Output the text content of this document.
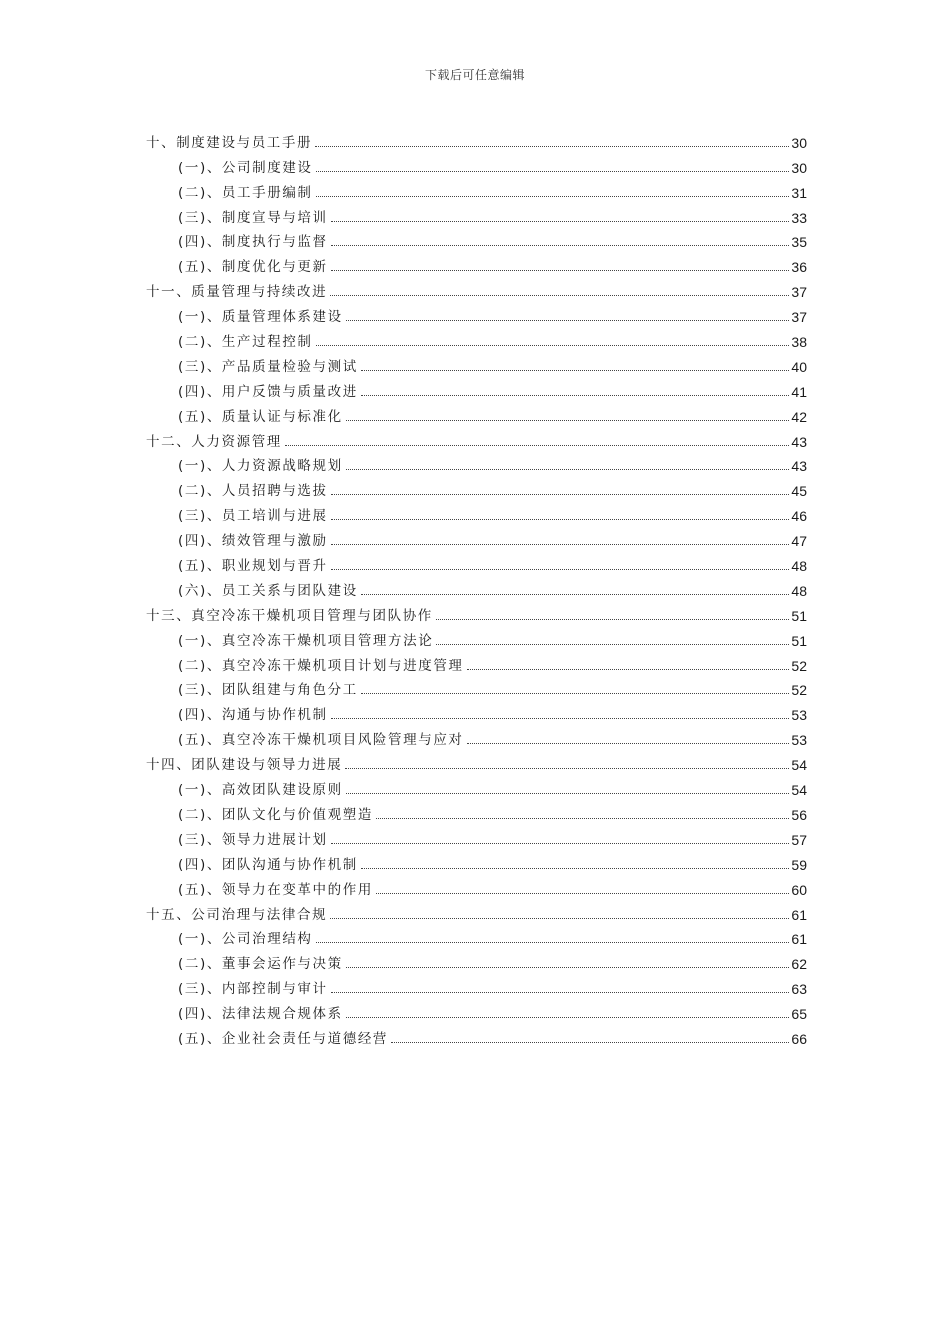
下载后可任意编辑
十、制度建设与员工手册	30
(一)、公司制度建设	30
(二)、员工手册编制	31
(三)、制度宣导与培训	33
(四)、制度执行与监督	35
(五)、制度优化与更新	36
十一、质量管理与持续改进	37
(一)、质量管理体系建设	37
(二)、生产过程控制	38
(三)、产品质量检验与测试	40
(四)、用户反馈与质量改进	41
(五)、质量认证与标准化	42
十二、人力资源管理	43
(一)、人力资源战略规划	43
(二)、人员招聘与选拔	45
(三)、员工培训与进展	46
(四)、绩效管理与激励	47
(五)、职业规划与晋升	48
(六)、员工关系与团队建设	48
十三、真空冷冻干燥机项目管理与团队协作	51
(一)、真空冷冻干燥机项目管理方法论	51
(二)、真空冷冻干燥机项目计划与进度管理	52
(三)、团队组建与角色分工	52
(四)、沟通与协作机制	53
(五)、真空冷冻干燥机项目风险管理与应对	53
十四、团队建设与领导力进展	54
(一)、高效团队建设原则	54
(二)、团队文化与价值观塑造	56
(三)、领导力进展计划	57
(四)、团队沟通与协作机制	59
(五)、领导力在变革中的作用	60
十五、公司治理与法律合规	61
(一)、公司治理结构	61
(二)、董事会运作与决策	62
(三)、内部控制与审计	63
(四)、法律法规合规体系	65
(五)、企业社会责任与道德经营	66
